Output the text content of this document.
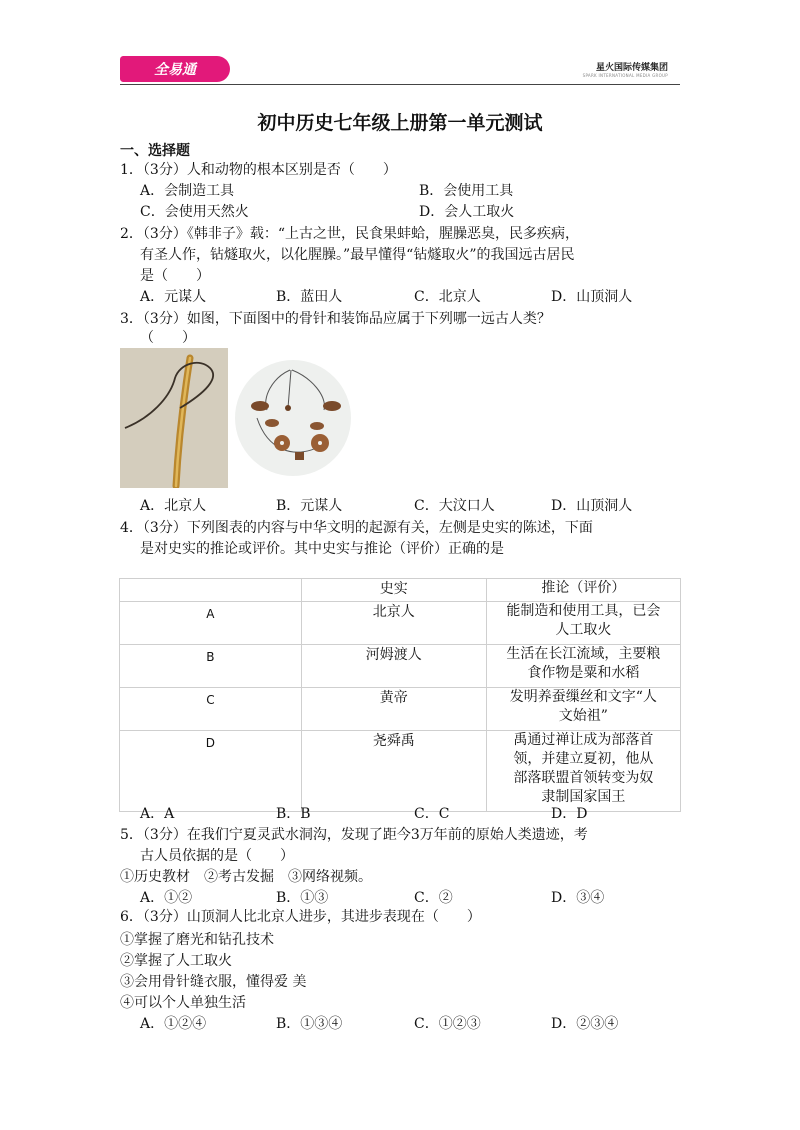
全易通	星火国际传媒集团
SPARK INTERNATIONAL MEDIA GROUP
初中历史七年级上册第一单元测试
一、选择题
1．（3分）人和动物的根本区别是否（　　）
A．会制造工具	B．会使用工具
C．会使用天然火	D．会人工取火
2．（3分）《韩非子》载：“上古之世，民食果蚌蛤，腥臊恶臭，民多疾病，
有圣人作，钻燧取火，以化腥臊。”最早懂得“钻燧取火”的我国远古居民
是（　　）
A．元谋人	B．蓝田人	C．北京人	D．山顶洞人
3．（3分）如图，下面图中的骨针和装饰品应属于下列哪一远古人类？
（　　）
A．北京人	B．元谋人	C．大汶口人	D．山顶洞人
4．（3分）下列图表的内容与中华文明的起源有关，左侧是史实的陈述，下面
是对史实的推论或评价。其中史实与推论（评价）正确的是
	史实	推论（评价）
A	北京人	能制造和使用工具，已会
人工取火

B	河姆渡人	生活在长江流域，主要粮
食作物是粟和水稻

C	黄帝	发明养蚕缫丝和文字“人
文始祖”

D	尧舜禹	禹通过禅让成为部落首
领，并建立夏初，他从
部落联盟首领转变为奴
隶制国家国王
A．A	B．B	C．C	D．D
5．（3分）在我们宁夏灵武水洞沟，发现了距今3万年前的原始人类遗迹，考
古人员依据的是（　　）
①历史教材　②考古发掘　③网络视频。
A．①②	B．①③	C．②	D．③④
6．（3分）山顶洞人比北京人进步，其进步表现在（　　）
①掌握了磨光和钻孔技术
②掌握了人工取火
③会用骨针缝衣服，懂得爱 美
④可以个人单独生活
A．①②④	B．①③④	C．①②③	D．②③④
